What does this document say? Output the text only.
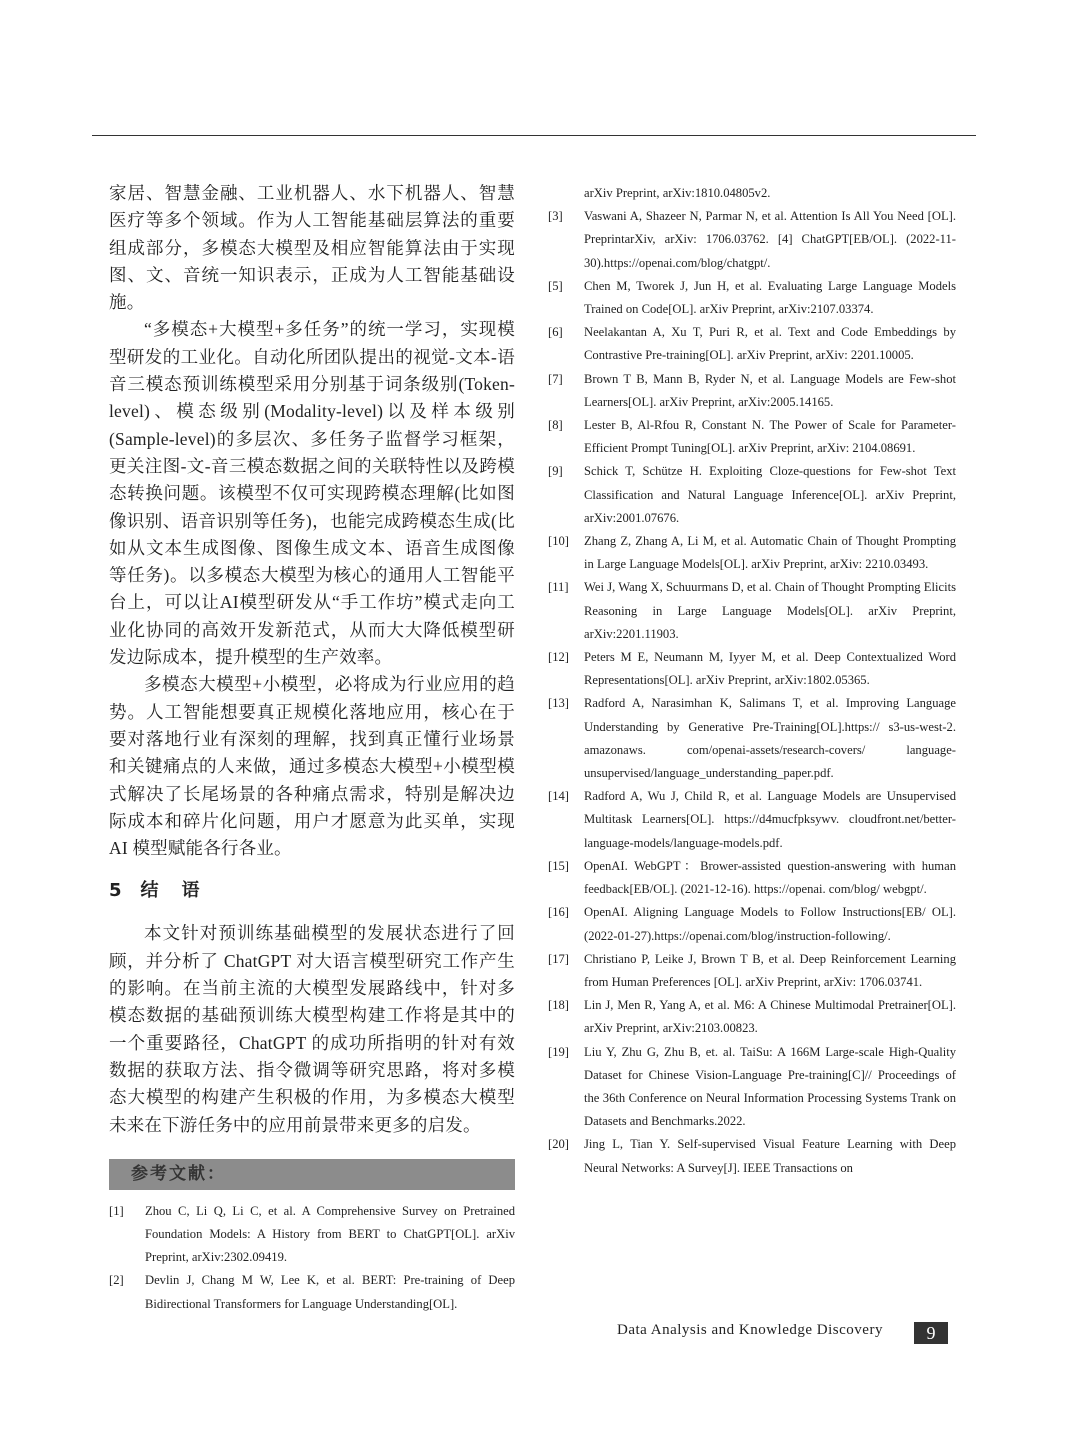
家居、智慧金融、工业机器人、水下机器人、智慧医疗等多个领域。作为人工智能基础层算法的重要组成部分，多模态大模型及相应智能算法由于实现图、文、音统一知识表示，正成为人工智能基础设施。

“多模态+大模型+多任务”的统一学习，实现模型研发的工业化。自动化所团队提出的视觉-文本-语音三模态预训练模型采用分别基于词条级别(Token-level)、模态级别(Modality-level)以及样本级别(Sample-level)的多层次、多任务子监督学习框架，更关注图-文-音三模态数据之间的关联特性以及跨模态转换问题。该模型不仅可实现跨模态理解(比如图像识别、语音识别等任务)，也能完成跨模态生成(比如从文本生成图像、图像生成文本、语音生成图像等任务)。以多模态大模型为核心的通用人工智能平台上，可以让AI模型研发从“手工作坊”模式走向工业化协同的高效开发新范式，从而大大降低模型研发边际成本，提升模型的生产效率。

多模态大模型+小模型，必将成为行业应用的趋势。人工智能想要真正规模化落地应用，核心在于要对落地行业有深刻的理解，找到真正懂行业场景和关键痛点的人来做，通过多模态大模型+小模型模式解决了长尾场景的各种痛点需求，特别是解决边际成本和碎片化问题，用户才愿意为此买单，实现AI 模型赋能各行各业。

5 结 语

本文针对预训练基础模型的发展状态进行了回顾，并分析了 ChatGPT 对大语言模型研究工作产生的影响。在当前主流的大模型发展路线中，针对多模态数据的基础预训练大模型构建工作将是其中的一个重要路径，ChatGPT 的成功所指明的针对有效数据的获取方法、指令微调等研究思路，将对多模态大模型的构建产生积极的作用，为多模态大模型未来在下游任务中的应用前景带来更多的启发。

参考文献：
[1]	Zhou C, Li Q, Li C, et al. A Comprehensive Survey on Pretrained Foundation Models: A History from BERT to ChatGPT[OL]. arXiv Preprint, arXiv:2302.09419.
[2]	Devlin J, Chang M W, Lee K, et al. BERT: Pre-training of Deep Bidirectional Transformers for Language Understanding[OL].
arXiv Preprint, arXiv:1810.04805v2.
[3]	Vaswani A, Shazeer N, Parmar N, et al. Attention Is All You Need [OL]. PreprintarXiv, arXiv: 1706.03762. [4] ChatGPT[EB/OL]. (2022-11-30).https://openai.com/blog/chatgpt/.
[5]	Chen M, Tworek J, Jun H, et al. Evaluating Large Language Models Trained on Code[OL]. arXiv Preprint, arXiv:2107.03374.
[6]	Neelakantan A, Xu T, Puri R, et al. Text and Code Embeddings by Contrastive Pre-training[OL]. arXiv Preprint, arXiv: 2201.10005.
[7]	Brown T B, Mann B, Ryder N, et al. Language Models are Few-shot Learners[OL]. arXiv Preprint, arXiv:2005.14165.
[8]	Lester B, Al-Rfou R, Constant N. The Power of Scale for Parameter-Efficient Prompt Tuning[OL]. arXiv Preprint, arXiv: 2104.08691.
[9]	Schick T, Schütze H. Exploiting Cloze-questions for Few-shot Text Classification and Natural Language Inference[OL]. arXiv Preprint, arXiv:2001.07676.
[10]	Zhang Z, Zhang A, Li M, et al. Automatic Chain of Thought Prompting in Large Language Models[OL]. arXiv Preprint, arXiv: 2210.03493.
[11]	Wei J, Wang X, Schuurmans D, et al. Chain of Thought Prompting Elicits Reasoning in Large Language Models[OL]. arXiv Preprint, arXiv:2201.11903.
[12]	Peters M E, Neumann M, Iyyer M, et al. Deep Contextualized Word Representations[OL]. arXiv Preprint, arXiv:1802.05365.
[13]	Radford A, Narasimhan K, Salimans T, et al. Improving Language Understanding by Generative Pre-Training[OL].https:// s3-us-west-2. amazonaws. com/openai-assets/research-covers/ language-unsupervised/language_understanding_paper.pdf.
[14]	Radford A, Wu J, Child R, et al. Language Models are Unsupervised Multitask Learners[OL]. https://d4mucfpksywv. cloudfront.net/better-language-models/language-models.pdf.
[15]	OpenAI. WebGPT：Brower-assisted question-answering with human feedback[EB/OL]. (2021-12-16). https://openai. com/blog/ webgpt/.
[16]	OpenAI. Aligning Language Models to Follow Instructions[EB/ OL].(2022-01-27).https://openai.com/blog/instruction-following/.
[17]	Christiano P, Leike J, Brown T B, et al. Deep Reinforcement Learning from Human Preferences [OL]. arXiv Preprint, arXiv: 1706.03741.
[18]	Lin J, Men R, Yang A, et al. M6: A Chinese Multimodal Pretrainer[OL]. arXiv Preprint, arXiv:2103.00823.
[19]	Liu Y, Zhu G, Zhu B, et. al. TaiSu: A 166M Large-scale High-Quality Dataset for Chinese Vision-Language Pre-training[C]// Proceedings of the 36th Conference on Neural Information Processing Systems Trank on Datasets and Benchmarks.2022.
[20]	Jing L, Tian Y. Self-supervised Visual Feature Learning with Deep Neural Networks: A Survey[J]. IEEE Transactions on
Data Analysis and Knowledge Discovery	9
